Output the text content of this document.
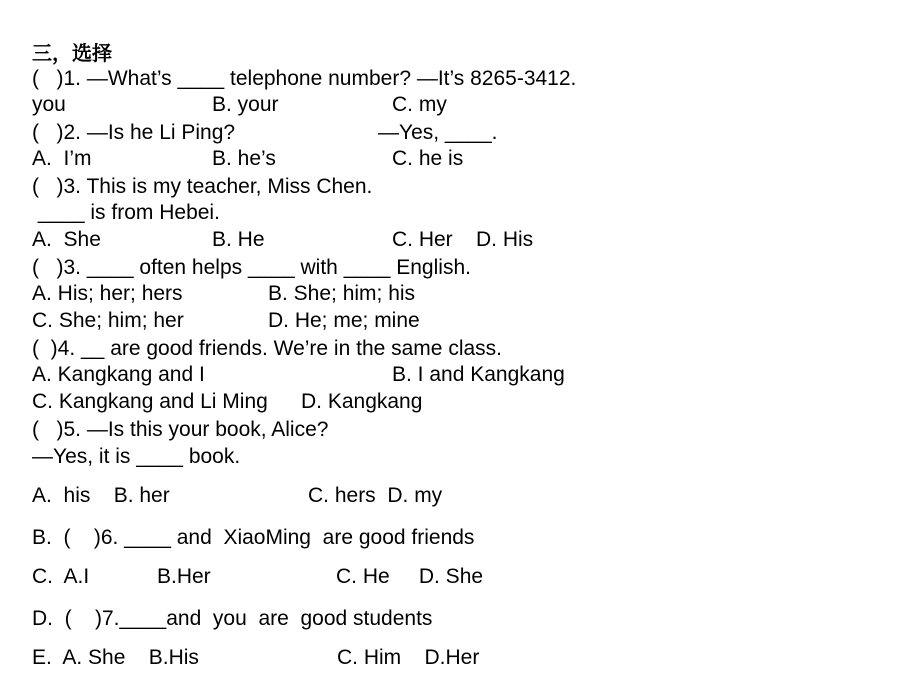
三，选择
(   )1. —What’s ____ telephone number? —It’s 8265-3412.
you	B. your	C. my
(   )2. —Is he Li Ping?	—Yes, ____.
A.  I’m	B. he’s	C. he is
(   )3. This is my teacher, Miss Chen.
____ is from Hebei.
A.  She	B. He	C. Her    D. His
(   )3. ____ often helps ____ with ____ English.
A. His; her; hers	B. She; him; his
C. She; him; her	D. He; me; mine
(  )4. __ are good friends. We’re in the same class.
A. Kangkang and I	B. I and Kangkang
C. Kangkang and Li Ming D. Kangkang
(   )5. —Is this your book, Alice?
—Yes, it is ____ book.
A.  his    B. her	C. hers  D. my
B.  (    )6. ____ and  XiaoMing  are good friends
C.  A.I	B.Her	C. He     D. She
D.  (    )7.____and  you  are  good students
E.  A. She    B.His	C. Him    D.Her
